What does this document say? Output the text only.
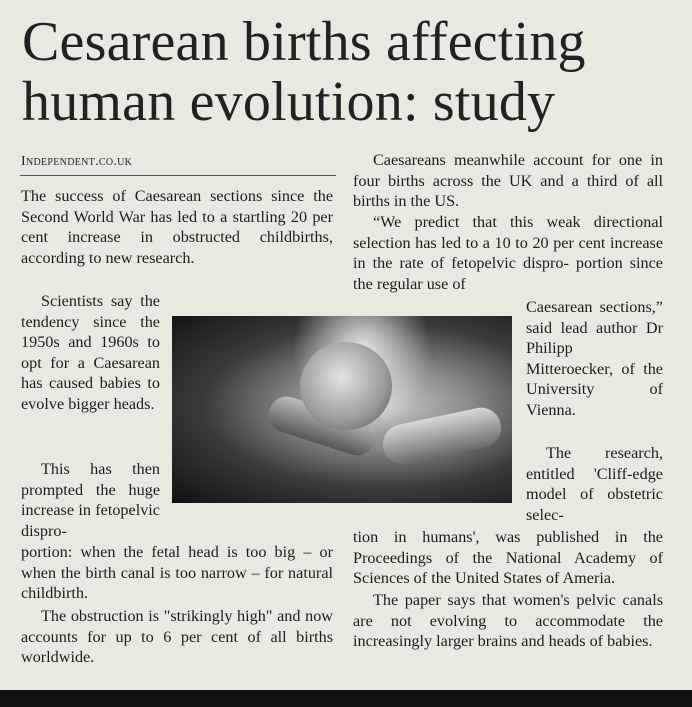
Cesarean births affecting human evolution: study
Independent.co.uk

The success of Caesarean sections since the Second World War has led to a startling 20 per cent increase in obstructed childbirths, according to new research.

Scientists say the tendency since the 1950s and 1960s to opt for a Caesarean has caused babies to evolve bigger heads.

This has then prompted the huge increase in fetopelvic dispro-

portion: when the fetal head is too big – or when the birth canal is too narrow – for natural childbirth.

The obstruction is "strikingly high" and now accounts for up to 6 per cent of all births worldwide.

Caesareans meanwhile account for one in four births across the UK and a third of all births in the US.

“We predict that this weak directional selection has led to a 10 to 20 per cent increase in the rate of fetopelvic dispro- portion since the regular use of

Caesarean sections,” said lead author Dr Philipp Mitteroecker, of the University of Vienna.

The research, entitled 'Cliff-edge model of obstetric selec-

tion in humans', was published in the Proceedings of the National Academy of Sciences of the United States of Ameria.

The paper says that women's pelvic canals are not evolving to accommodate the increasingly larger brains and heads of babies.
